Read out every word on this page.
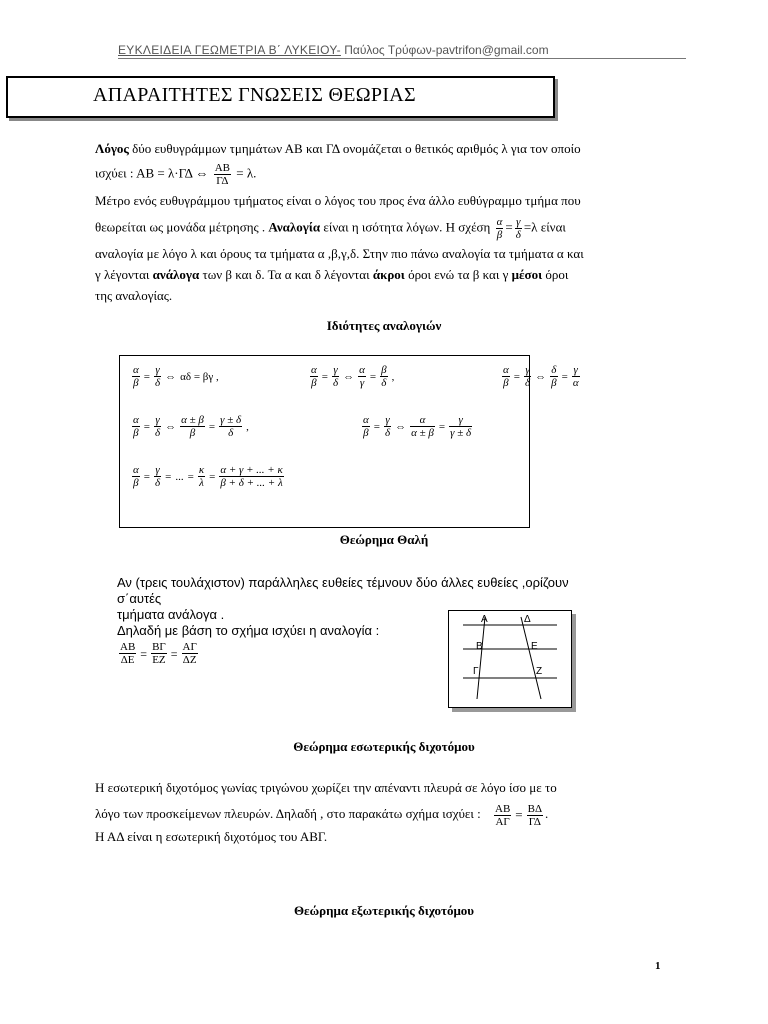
ΕΥΚΛΕΙΔΕΙΑ ΓΕΩΜΕΤΡΙΑ Β΄ ΛΥΚΕΙΟΥ- Παύλος Τρύφων-pavtrifon@gmail.com
ΑΠΑΡΑΙΤΗΤΕΣ ΓΝΩΣΕΙΣ ΘΕΩΡΙΑΣ
Λόγος δύο ευθυγράμμων τμημάτων ΑΒ και ΓΔ ονομάζεται ο θετικός αριθμός λ για τον οποίο
ισχύει : ΑΒ = λ·ΓΔ ⇔ $\frac{AB}{\Gamma\Delta} = \lambda$.
Μέτρο ενός ευθυγράμμου τμήματος είναι ο λόγος του προς ένα άλλο ευθύγραμμο τμήμα που
θεωρείται ως μονάδα μέτρησης . Αναλογία είναι η ισότητα λόγων. Η σχέση $\frac{\alpha}{\beta} = \frac{\gamma}{\delta} =\lambda$ είναι
αναλογία με λόγο λ και όρους τα τμήματα α ,β,γ,δ. Στην πιο πάνω αναλογία τα τμήματα α και
γ λέγονται ανάλογα των β και δ. Τα α και δ λέγονται άκροι όροι ενώ τα β και γ μέσοι όροι
της αναλογίας.
Ιδιότητες αναλογιών
$\frac{\alpha}{\beta} = \frac{\gamma}{\delta}$ ⇔ αδ = βγ ,	$\frac{\alpha}{\beta} = \frac{\gamma}{\delta}$ ⇔ $\frac{\alpha}{\gamma} = \frac{\beta}{\delta}$ ,	$\frac{\alpha}{\beta} = \frac{\gamma}{\delta}$ ⇔ $\frac{\delta}{\beta} = \frac{\gamma}{\alpha}$
$\frac{\alpha}{\beta} = \frac{\gamma}{\delta}$ ⇔ $\frac{\alpha \pm \beta}{\beta} = \frac{\gamma \pm \delta}{\delta}$ ,	$\frac{\alpha}{\beta} = \frac{\gamma}{\delta}$ ⇔ $\frac{\alpha}{\alpha \pm \beta} = \frac{\gamma}{\gamma \pm \delta}$
$\frac{\alpha}{\beta} = \frac{\gamma}{\delta}$ = ... = $\frac{\kappa}{\lambda} = \frac{\alpha + \gamma + ... + \kappa}{\beta + \delta + ... + \lambda}$
Θεώρημα Θαλή
Αν (τρεις τουλάχιστον) παράλληλες ευθείες τέμνουν δύο άλλες ευθείες ,ορίζουν σ΄αυτές
τμήματα ανάλογα .
Δηλαδή με βάση το σχήμα ισχύει η αναλογία :
$\frac{AB}{\Delta E} = \frac{B\Gamma}{EZ} = \frac{A\Gamma}{\Delta Z}$
Α	Δ
Β	Ε
Γ	Ζ
Θεώρημα εσωτερικής διχοτόμου
Η εσωτερική διχοτόμος γωνίας τριγώνου χωρίζει την απέναντι πλευρά σε λόγο ίσο με το
λόγο των προσκείμενων πλευρών. Δηλαδή , στο παρακάτω σχήμα ισχύει : $\frac{AB}{A\Gamma} = \frac{B\Delta}{\Gamma\Delta}$ .
Η ΑΔ είναι η εσωτερική διχοτόμος του ΑΒΓ.
Θεώρημα εξωτερικής διχοτόμου
1
